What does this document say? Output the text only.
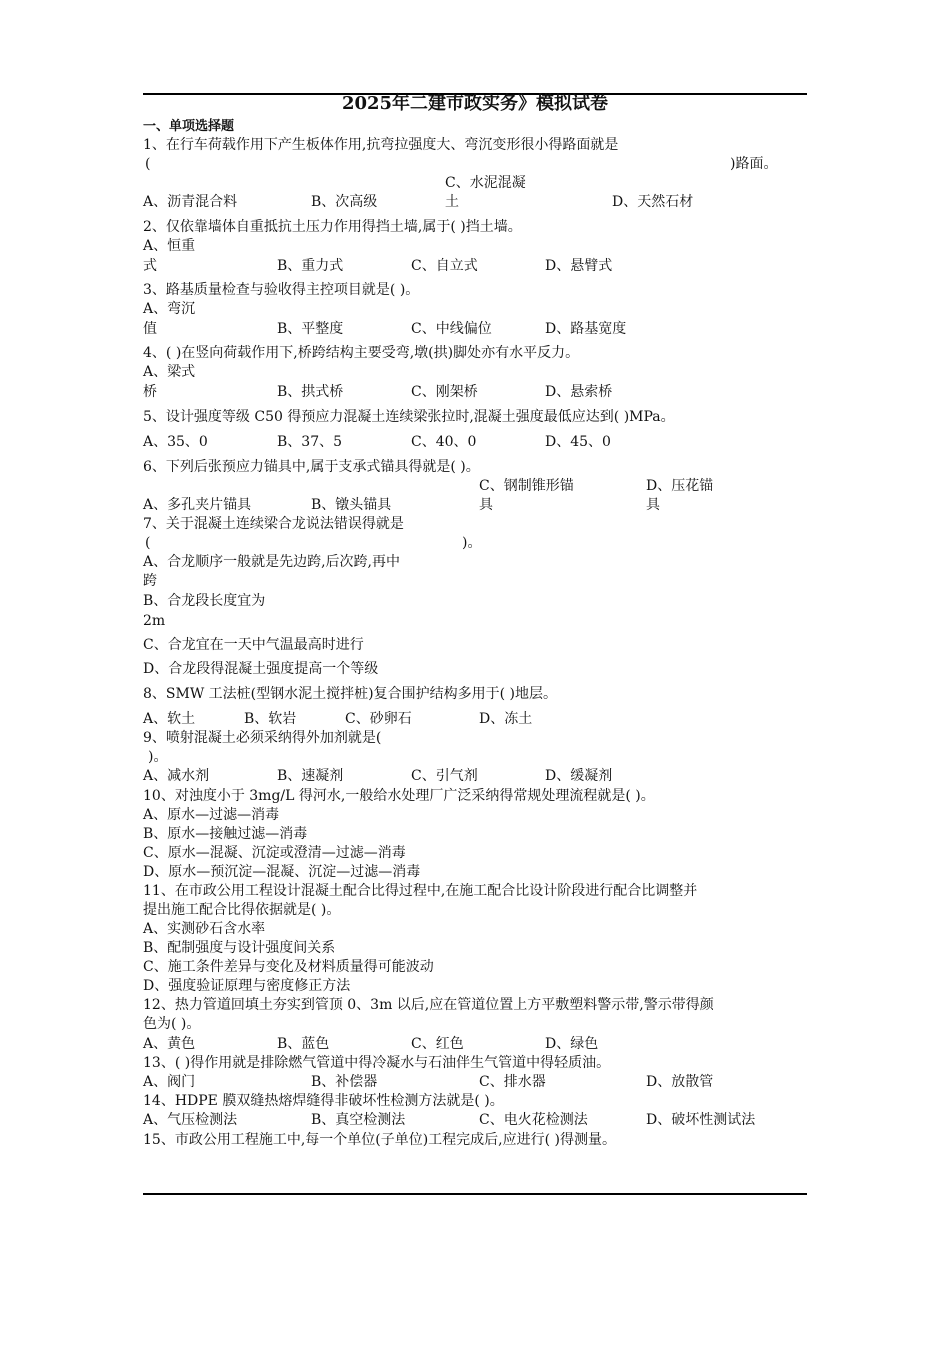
2025年二建市政实务》模拟试卷
一、单项选择题
1、在行车荷载作用下产生板体作用,抗弯拉强度大、弯沉变形很小得路面就是
(	)路面。
C、水泥混凝
A、沥青混合料	B、次高级	土	D、天然石材
2、仅依靠墙体自重抵抗土压力作用得挡土墙,属于( )挡土墙。
A、恒重
式	B、重力式	C、自立式	D、悬臂式
3、路基质量检查与验收得主控项目就是( )。
A、弯沉
值	B、平整度	C、中线偏位	D、路基宽度
4、( )在竖向荷载作用下,桥跨结构主要受弯,墩(拱)脚处亦有水平反力。
A、梁式
桥	B、拱式桥	C、刚架桥	D、悬索桥
5、设计强度等级 C50 得预应力混凝土连续梁张拉时,混凝土强度最低应达到( )MPa。
A、35、0	B、37、5	C、40、0	D、45、0
6、下列后张预应力锚具中,属于支承式锚具得就是( )。
C、钢制锥形锚	D、压花锚
A、多孔夹片锚具	B、镦头锚具	具	具
7、关于混凝土连续梁合龙说法错误得就是
(	)。
A、合龙顺序一般就是先边跨,后次跨,再中
跨
B、合龙段长度宜为
2m
C、合龙宜在一天中气温最高时进行
D、合龙段得混凝土强度提高一个等级
8、SMW 工法桩(型钢水泥土搅拌桩)复合围护结构多用于( )地层。
A、软土	B、软岩	C、砂卵石	D、冻土
9、喷射混凝土必须采纳得外加剂就是(
)。
A、减水剂	B、速凝剂	C、引气剂	D、缓凝剂
10、对浊度小于 3mg/L 得河水,一般给水处理厂广泛采纳得常规处理流程就是( )。
A、原水—过滤—消毒
B、原水—接触过滤—消毒
C、原水—混凝、沉淀或澄清—过滤—消毒
D、原水—预沉淀—混凝、沉淀—过滤—消毒
11、在市政公用工程设计混凝土配合比得过程中,在施工配合比设计阶段进行配合比调整并
提出施工配合比得依据就是( )。
A、实测砂石含水率
B、配制强度与设计强度间关系
C、施工条件差异与变化及材料质量得可能波动
D、强度验证原理与密度修正方法
12、热力管道回填土夯实到管顶 0、3m 以后,应在管道位置上方平敷塑料警示带,警示带得颜
色为( )。
A、黄色	B、蓝色	C、红色	D、绿色
13、( )得作用就是排除燃气管道中得冷凝水与石油伴生气管道中得轻质油。
A、阀门	B、补偿器	C、排水器	D、放散管
14、HDPE 膜双缝热熔焊缝得非破坏性检测方法就是( )。
A、气压检测法	B、真空检测法	C、电火花检测法	D、破坏性测试法
15、市政公用工程施工中,每一个单位(子单位)工程完成后,应进行( )得测量。
